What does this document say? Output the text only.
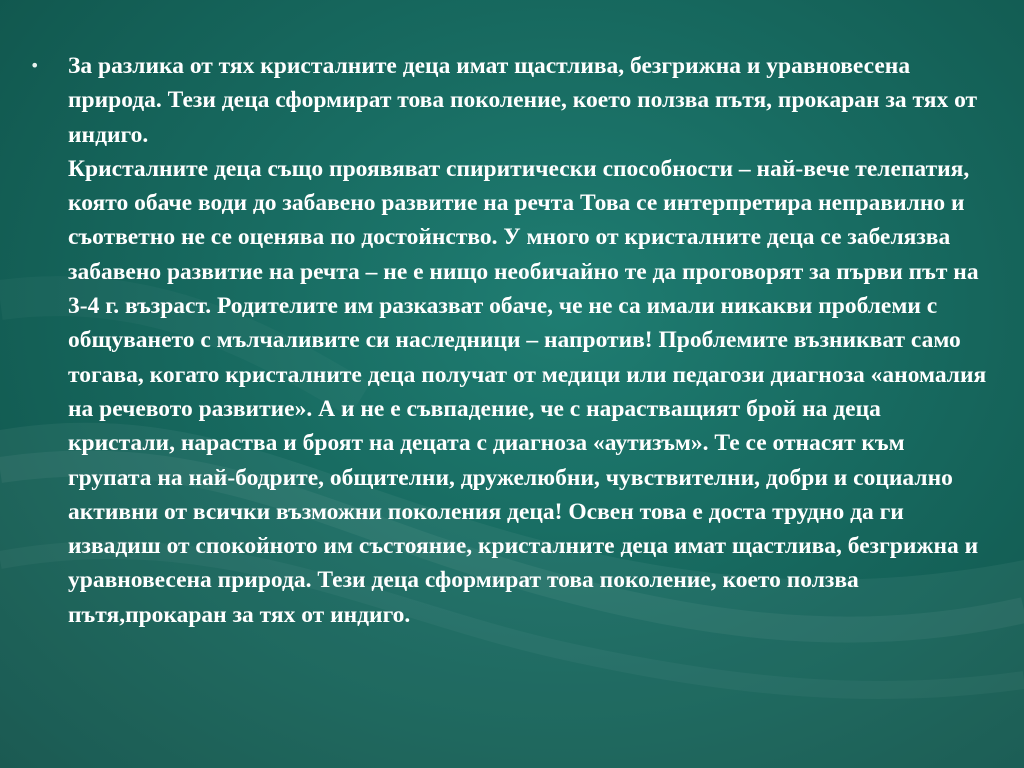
•	За разлика от тях кристалните деца имат щастлива, безгрижна и уравновесена природа. Тези деца сформират това поколение, което ползва пътя, прокаран за тях от индиго.
Кристалните деца също проявяват спиритически способности – най-вече телепатия, която обаче води до забавено развитие на речта Това се интерпретира неправилно и съответно не се оценява по достойнство. У много от кристалните деца се забелязва забавено развитие на речта – не е нищо необичайно те да проговорят за първи път на 3-4 г. възраст. Родителите им разказват обаче, че не са имали никакви проблеми с общуването с мълчаливите си наследници – напротив! Проблемите възникват само тогава, когато кристалните деца получат от медици или педагози диагноза «аномалия на речевото развитие». А и не е съвпадение, че с нарастващият брой на деца кристали, нараства и броят на децата с диагноза «аутизъм». Те се отнасят към групата на най-бодрите, общителни, дружелюбни, чувствителни, добри и социално активни от всички възможни поколения деца! Освен това е доста трудно да ги извадиш от спокойното им състояние, кристалните деца имат щастлива, безгрижна и уравновесена природа. Тези деца сформират това поколение, което ползва пътя,прокаран за тях от индиго.
